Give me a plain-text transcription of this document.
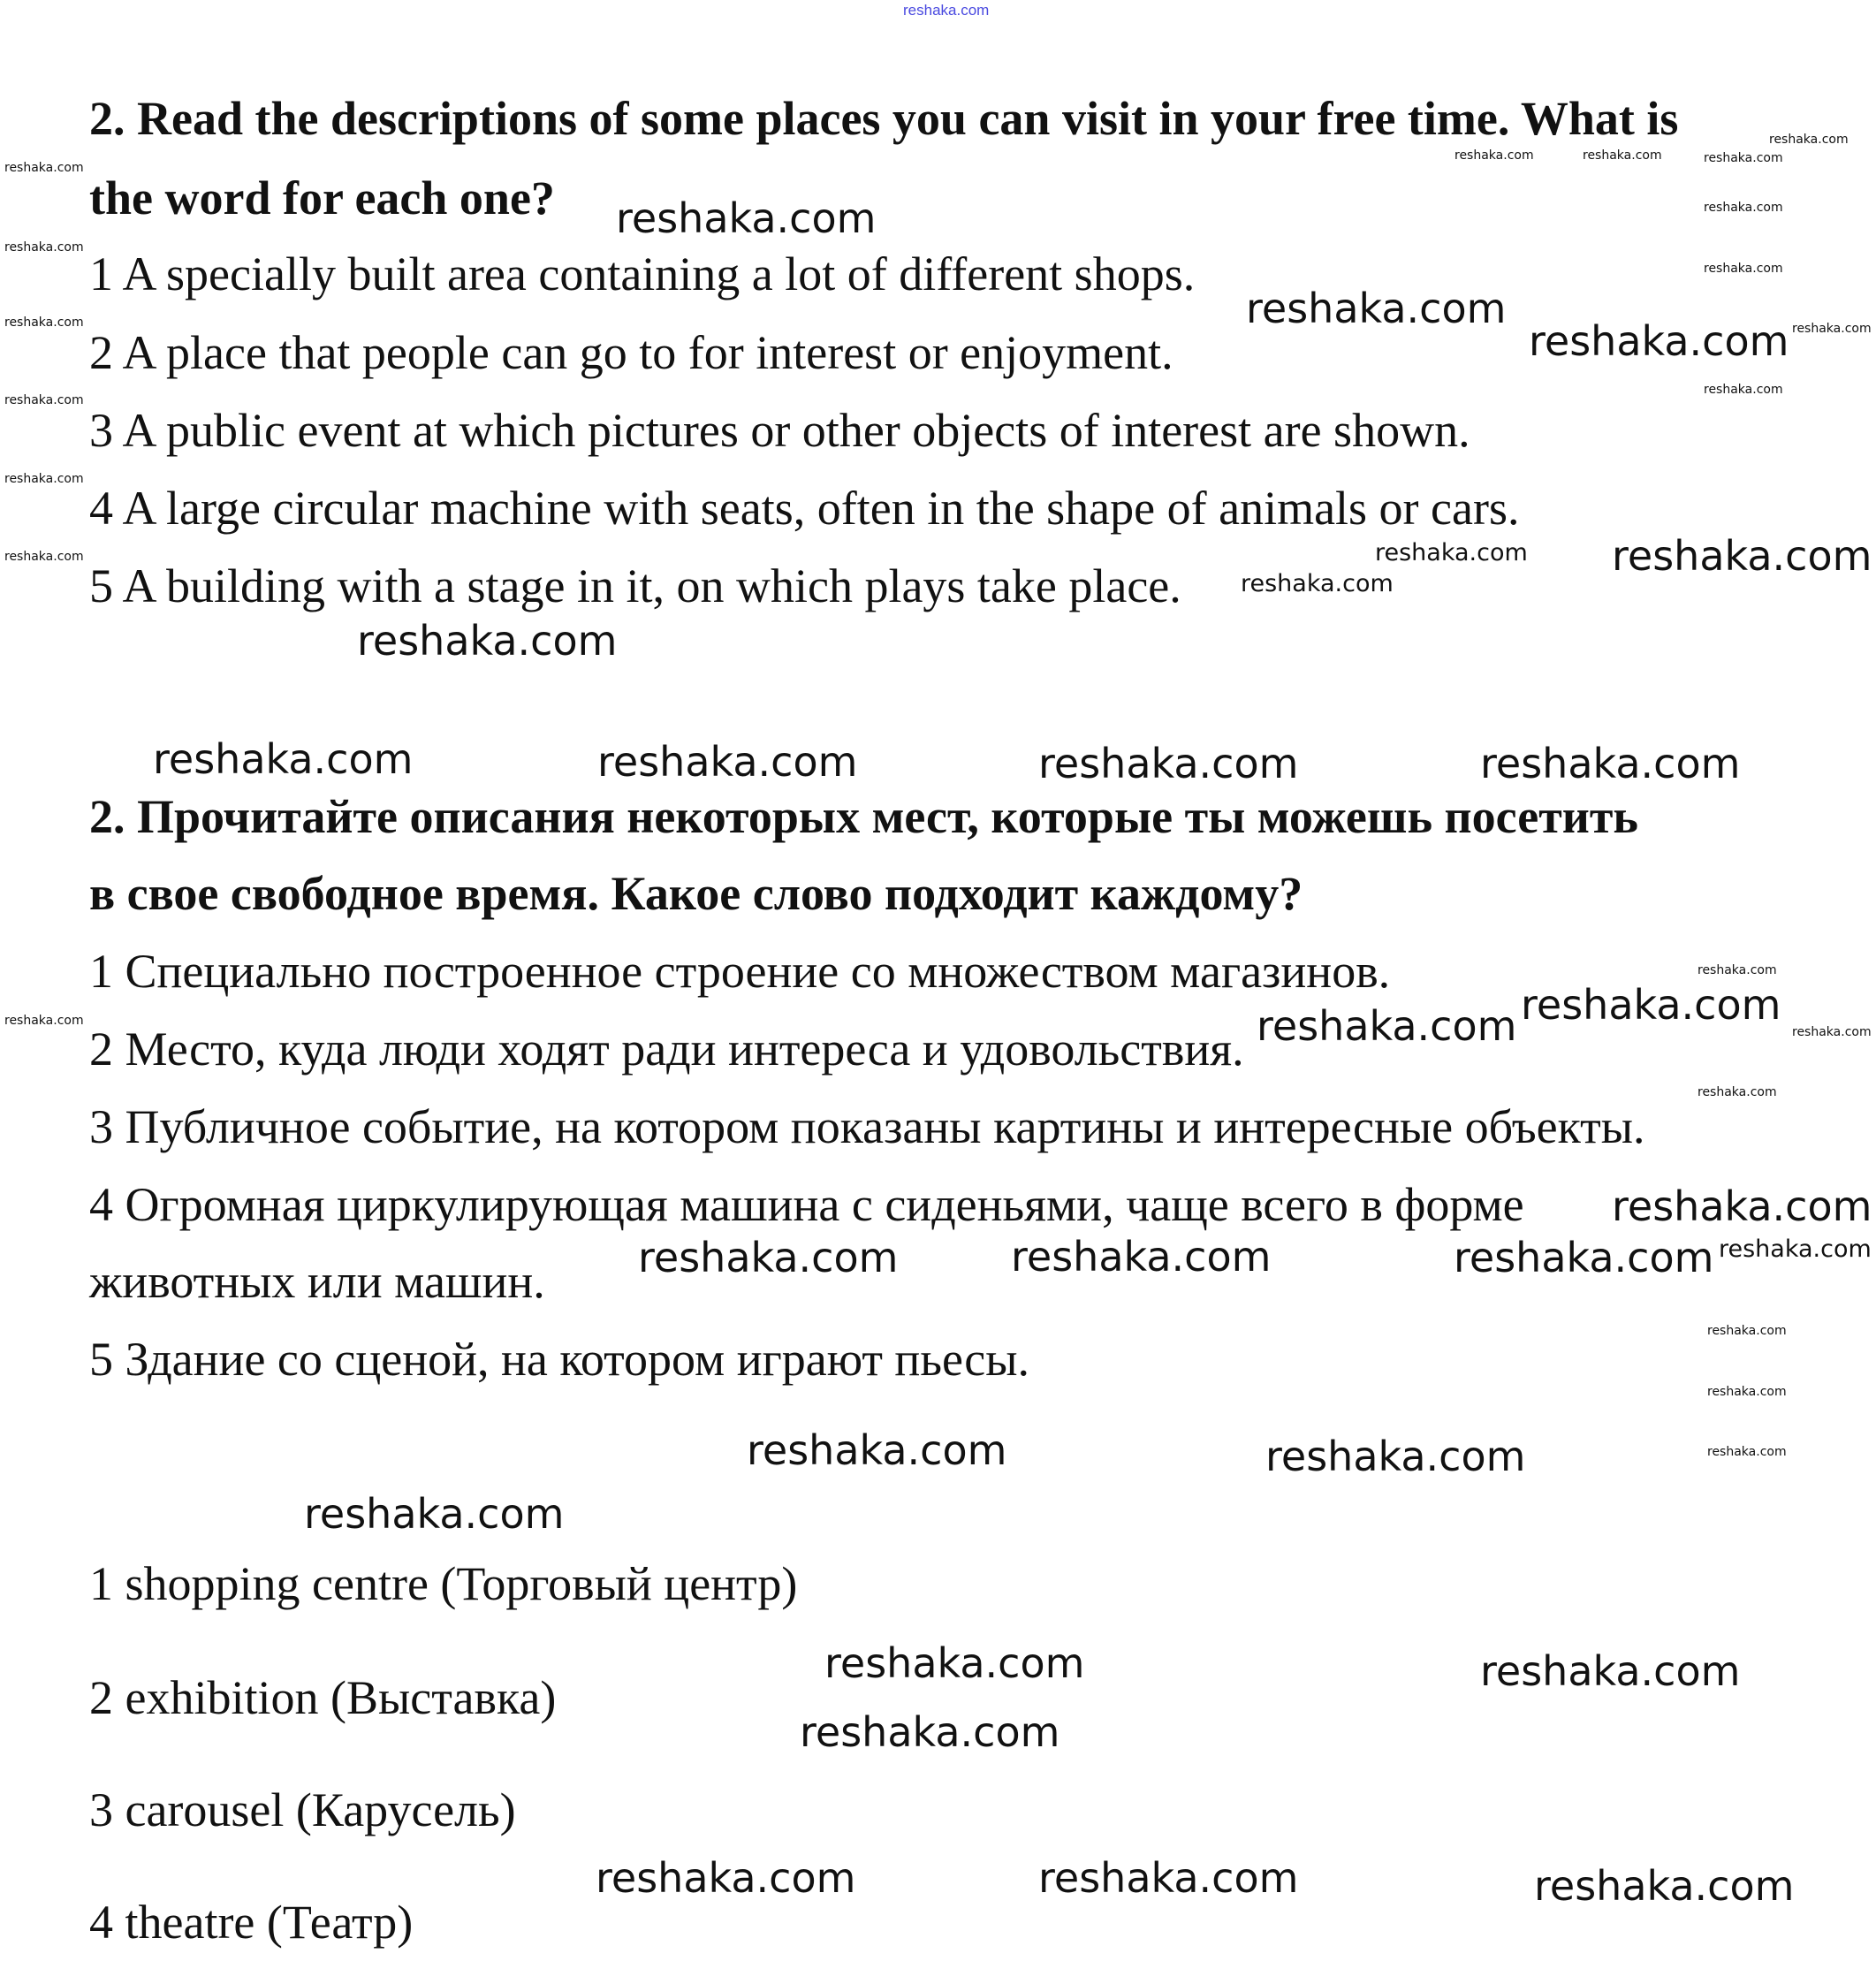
reshaka.com
2. Read the descriptions of some places you can visit in your free time. What is
the word for each one?
1 A specially built area containing a lot of different shops.
2 A place that people can go to for interest or enjoyment.
3 A public event at which pictures or other objects of interest are shown.
4 A large circular machine with seats, often in the shape of animals or cars.
5 A building with a stage in it, on which plays take place.
2. Прочитайте описания некоторых мест, которые ты можешь посетить
в свое свободное время. Какое слово подходит каждому?
1 Специально построенное строение со множеством магазинов.
2 Место, куда люди ходят ради интереса и удовольствия.
3 Публичное событие, на котором показаны картины и интересные объекты.
4 Огромная циркулирующая машина с сиденьями, чаще всего в форме
животных или машин.
5 Здание со сценой, на котором играют пьесы.
1 shopping centre (Торговый центр)
2 exhibition (Выставка)
3 carousel (Карусель)
4 theatre (Театр)
reshaka.com
reshaka.com
reshaka.com
reshaka.com
reshaka.com
reshaka.com	reshaka.com	reshaka.com	reshaka.com
reshaka.com
reshaka.com
reshaka.com
reshaka.com	reshaka.com
reshaka.com
reshaka.com	reshaka.com
reshaka.com
reshaka.com	reshaka.com
reshaka.com
reshaka.com	reshaka.com	reshaka.com
reshaka.com
reshaka.com
reshaka.com
reshaka.com
reshaka.com	reshaka.com	reshaka.com
reshaka.com
reshaka.com
reshaka.com
reshaka.com
reshaka.com
reshaka.com
reshaka.com
reshaka.com
reshaka.com
reshaka.com
reshaka.com
reshaka.com
reshaka.com
reshaka.com
reshaka.com
reshaka.com
reshaka.com
